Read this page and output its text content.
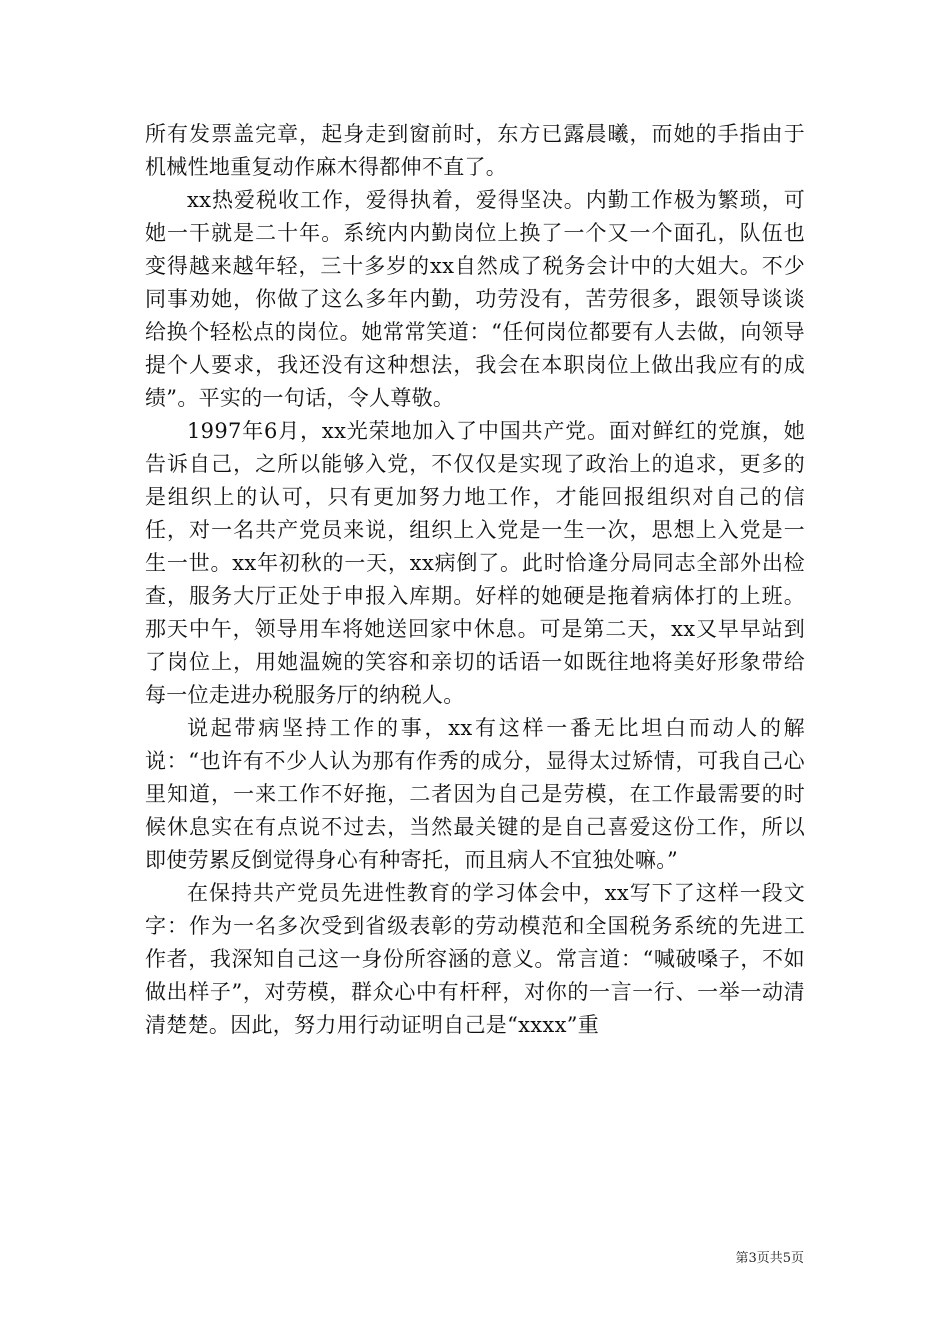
所有发票盖完章，起身走到窗前时，东方已露晨曦，而她的手指由于机械性地重复动作麻木得都伸不直了。

xx热爱税收工作，爱得执着，爱得坚决。内勤工作极为繁琐，可她一干就是二十年。系统内内勤岗位上换了一个又一个面孔，队伍也变得越来越年轻，三十多岁的xx自然成了税务会计中的大姐大。不少同事劝她，你做了这么多年内勤，功劳没有，苦劳很多，跟领导谈谈给换个轻松点的岗位。她常常笑道：“任何岗位都要有人去做，向领导提个人要求，我还没有这种想法，我会在本职岗位上做出我应有的成绩”。平实的一句话，令人尊敬。

1997年6月，xx光荣地加入了中国共产党。面对鲜红的党旗，她告诉自己，之所以能够入党，不仅仅是实现了政治上的追求，更多的是组织上的认可，只有更加努力地工作，才能回报组织对自己的信任，对一名共产党员来说，组织上入党是一生一次，思想上入党是一生一世。xx年初秋的一天，xx病倒了。此时恰逢分局同志全部外出检查，服务大厅正处于申报入库期。好样的她硬是拖着病体打的上班。那天中午，领导用车将她送回家中休息。可是第二天，xx又早早站到了岗位上，用她温婉的笑容和亲切的话语一如既往地将美好形象带给每一位走进办税服务厅的纳税人。

说起带病坚持工作的事，xx有这样一番无比坦白而动人的解说：“也许有不少人认为那有作秀的成分，显得太过矫情，可我自己心里知道，一来工作不好拖，二者因为自己是劳模，在工作最需要的时候休息实在有点说不过去，当然最关键的是自己喜爱这份工作，所以即使劳累反倒觉得身心有种寄托，而且病人不宜独处嘛。”

在保持共产党员先进性教育的学习体会中，xx写下了这样一段文字：作为一名多次受到省级表彰的劳动模范和全国税务系统的先进工作者，我深知自己这一身份所容涵的意义。常言道：“喊破嗓子，不如做出样子”，对劳模，群众心中有杆秤，对你的一言一行、一举一动清清楚楚。因此，努力用行动证明自己是“xxxx”重

第3页共5页
